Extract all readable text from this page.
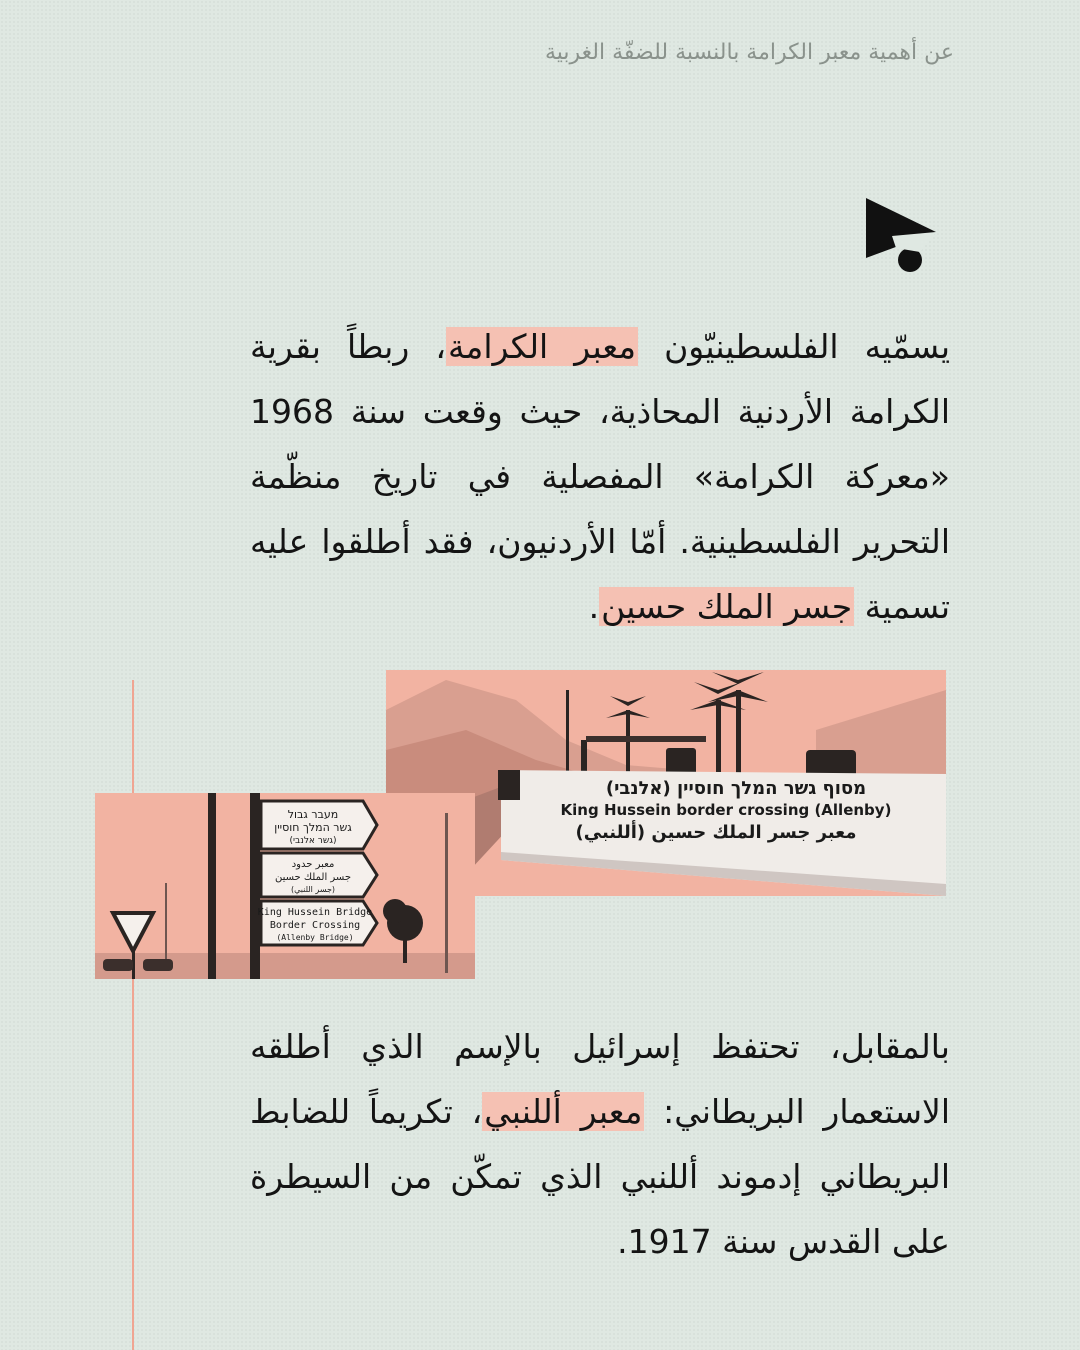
عن أهمية معبر الكرامة بالنسبة للضفّة الغربية
يسمّيه الفلسطينيّون معبر الكرامة، ربطاً بقرية الكرامة الأردنية المحاذية، حيث وقعت سنة 1968 «معركة الكرامة» المفصلية في تاريخ منظّمة التحرير الفلسطينية. أمّا الأردنيون، فقد أطلقوا عليه تسمية جسر الملك حسين.
מסוף גשר המלך חוסיין (אלנבי)
King Hussein border crossing (Allenby)
معبر جسر الملك حسين (أللنبي)
מעבר גבול
גשר המלך חוסיין
(גשר אלנבי)
معبر حدود
جسر الملك حسين
(جسر اللنبي)
King Hussein Bridge
Border Crossing
(Allenby Bridge)
بالمقابل، تحتفظ إسرائيل بالإسم الذي أطلقه الاستعمار البريطاني: معبر أللنبي، تكريماً للضابط البريطاني إدموند أللنبي الذي تمكّن من السيطرة على القدس سنة 1917.
